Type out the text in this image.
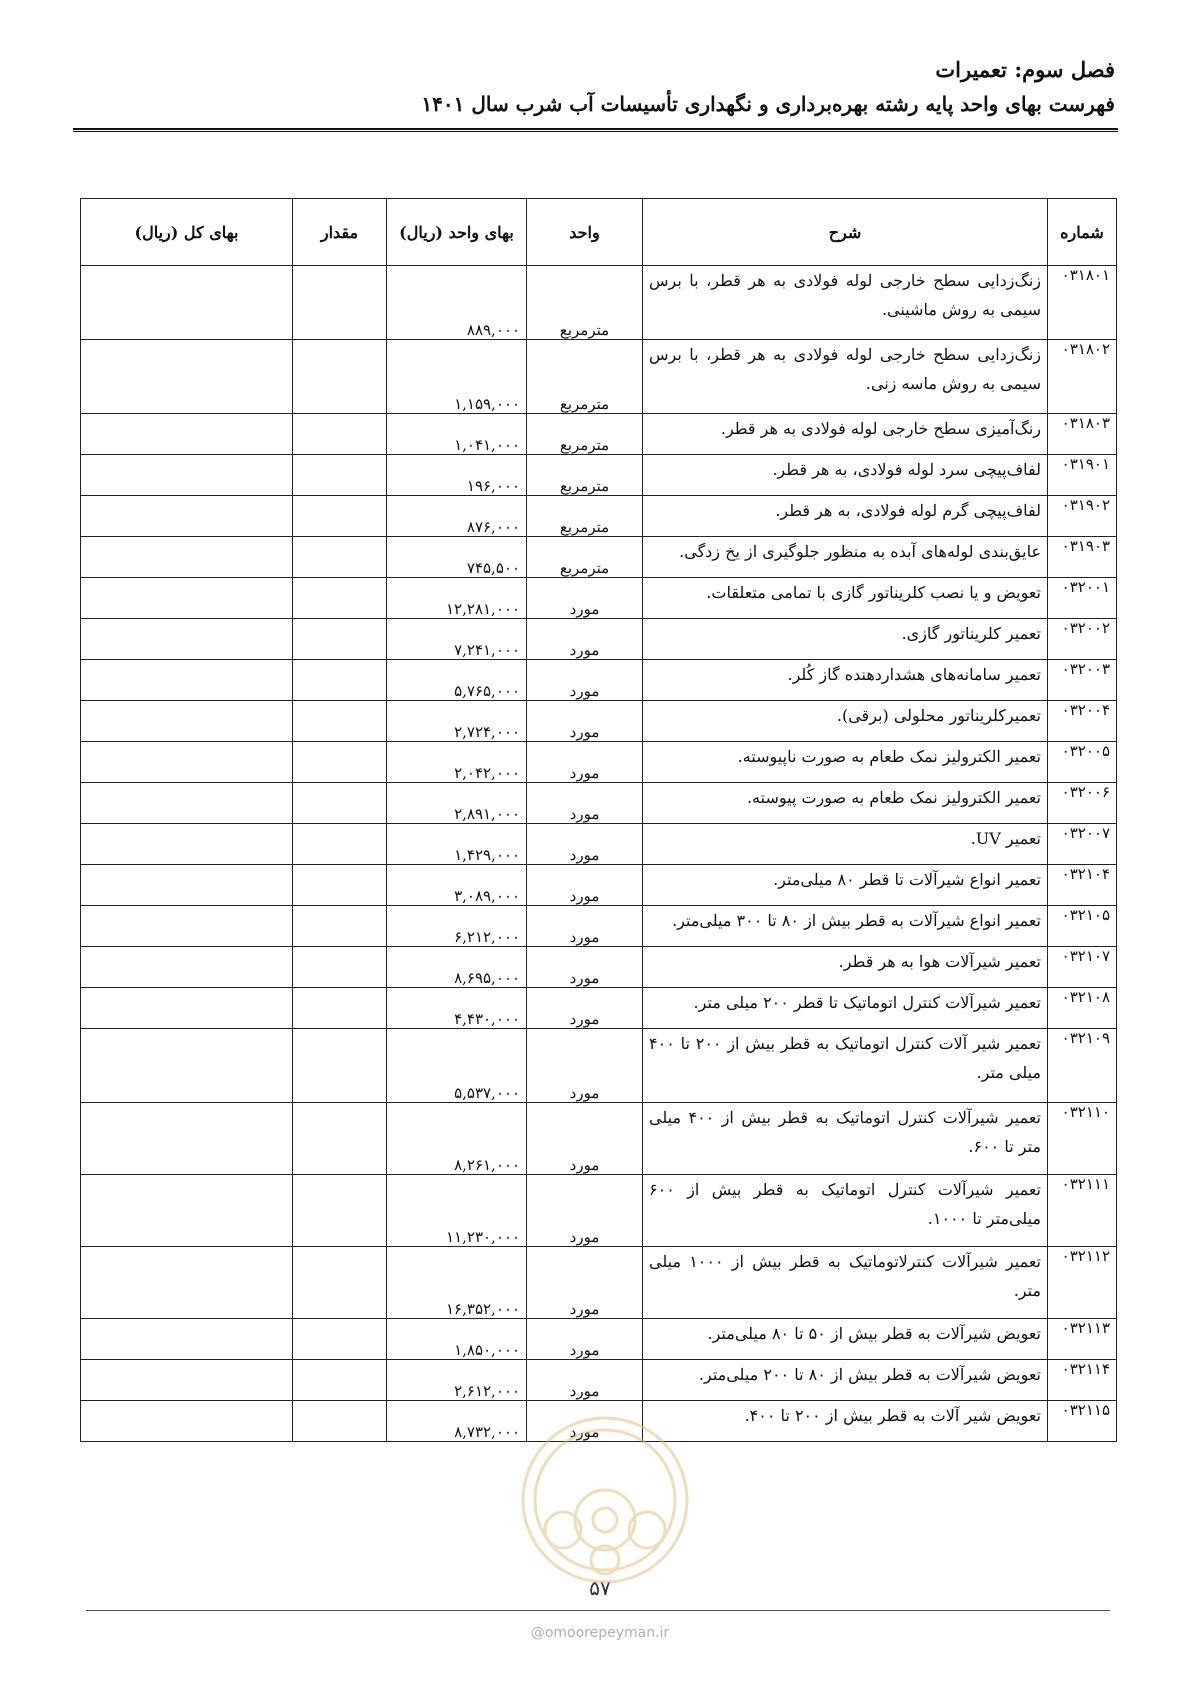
فصل سوم: تعمیرات

فهرست بهای واحد پایه رشته بهره‌برداری و نگهداری تأسیسات آب شرب سال ۱۴۰۱

شماره	شرح	واحد	بهای واحد (ریال)	مقدار	بهای کل (ریال)
۰۳۱۸۰۱	زنگ‌زدایی سطح خارجی لوله فولادی به هر قطر، با برس سیمی به روش ماشینی.	مترمربع	۸۸۹,۰۰۰		
۰۳۱۸۰۲	زنگ‌زدایی سطح خارجی لوله فولادی به هر قطر، با برس سیمی به روش ماسه زنی.	مترمربع	۱,۱۵۹,۰۰۰		
۰۳۱۸۰۳	رنگ‌آمیزی سطح خارجی لوله فولادی به هر قطر.	مترمربع	۱,۰۴۱,۰۰۰		
۰۳۱۹۰۱	لفاف‌پیچی سرد لوله فولادی، به هر قطر.	مترمربع	۱۹۶,۰۰۰		
۰۳۱۹۰۲	لفاف‌پیچی گرم لوله فولادی، به هر قطر.	مترمربع	۸۷۶,۰۰۰		
۰۳۱۹۰۳	عایق‌بندی لوله‌های آبده به منظور جلوگیری از یخ زدگی.	مترمربع	۷۴۵,۵۰۰		
۰۳۲۰۰۱	تعویض و یا نصب کلریناتور گازی با تمامی متعلقات.	مورد	۱۲,۲۸۱,۰۰۰		
۰۳۲۰۰۲	تعمیر کلریناتور گازی.	مورد	۷,۲۴۱,۰۰۰		
۰۳۲۰۰۳	تعمیر سامانه‌های هشداردهنده گاز کُلر.	مورد	۵,۷۶۵,۰۰۰		
۰۳۲۰۰۴	تعمیرکلریناتور محلولی (برقی).	مورد	۲,۷۲۴,۰۰۰		
۰۳۲۰۰۵	تعمیر الکترولیز نمک طعام به صورت ناپیوسته.	مورد	۲,۰۴۲,۰۰۰		
۰۳۲۰۰۶	تعمیر الکترولیز نمک طعام به صورت پیوسته.	مورد	۲,۸۹۱,۰۰۰		
۰۳۲۰۰۷	تعمیر UV.	مورد	۱,۴۲۹,۰۰۰		
۰۳۲۱۰۴	تعمیر انواع شیرآلات تا قطر ۸۰ میلی‌متر.	مورد	۳,۰۸۹,۰۰۰		
۰۳۲۱۰۵	تعمیر انواع شیرآلات به قطر بیش از ۸۰ تا ۳۰۰ میلی‌متر.	مورد	۶,۲۱۲,۰۰۰		
۰۳۲۱۰۷	تعمیر شیرآلات هوا به هر قطر.	مورد	۸,۶۹۵,۰۰۰		
۰۳۲۱۰۸	تعمیر شیرآلات کنترل اتوماتیک تا قطر ۲۰۰ میلی متر.	مورد	۴,۴۳۰,۰۰۰		
۰۳۲۱۰۹	تعمیر شیر آلات کنترل اتوماتیک به قطر بیش از ۲۰۰ تا ۴۰۰ میلی متر.	مورد	۵,۵۳۷,۰۰۰		
۰۳۲۱۱۰	تعمیر شیرآلات کنترل اتوماتیک به قطر بیش از ۴۰۰ میلی متر تا ۶۰۰.	مورد	۸,۲۶۱,۰۰۰		
۰۳۲۱۱۱	تعمیر شیرآلات کنترل اتوماتیک به قطر بیش از ۶۰۰ میلی‌متر تا ۱۰۰۰.	مورد	۱۱,۲۳۰,۰۰۰		
۰۳۲۱۱۲	تعمیر شیرآلات کنترلاتوماتیک به قطر بیش از ۱۰۰۰ میلی متر.	مورد	۱۶,۳۵۲,۰۰۰		
۰۳۲۱۱۳	تعویض شیرآلات به قطر بیش از ۵۰ تا ۸۰ میلی‌متر.	مورد	۱,۸۵۰,۰۰۰		
۰۳۲۱۱۴	تعویض شیرآلات به قطر بیش از ۸۰ تا ۲۰۰ میلی‌متر.	مورد	۲,۶۱۲,۰۰۰		
۰۳۲۱۱۵	تعویض شیر آلات به قطر بیش از ۲۰۰ تا ۴۰۰.	مورد	۸,۷۳۲,۰۰۰		
۵۷
@omoorepeyman.ir
